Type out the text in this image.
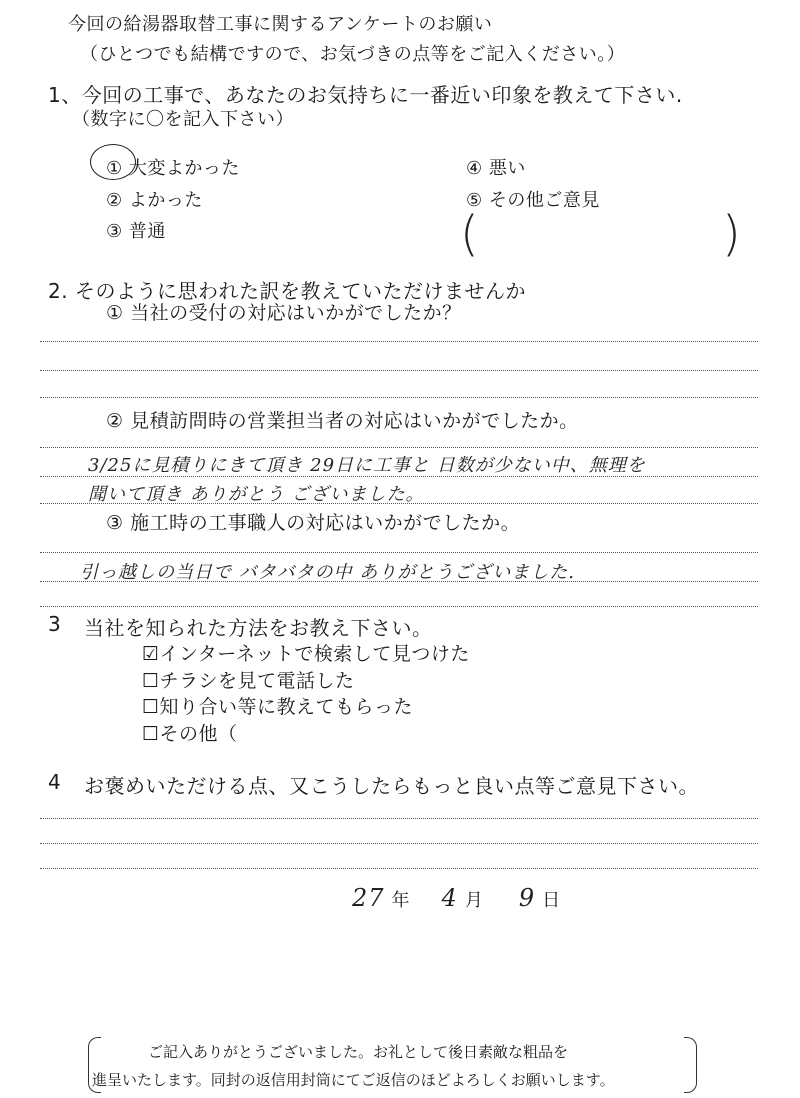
今回の給湯器取替工事に関するアンケートのお願い
（ひとつでも結構ですので、お気づきの点等をご記入ください。）
1、今回の工事で、あなたのお気持ちに一番近い印象を教えて下さい.
（数字に〇を記入下さい）
① 大変よかった
② よかった
③ 普通
④ 悪い
⑤ その他ご意見
(	)
2. そのように思われた訳を教えていただけませんか
① 当社の受付の対応はいかがでしたか？
② 見積訪問時の営業担当者の対応はいかがでしたか。
3/25に見積りにきて頂き 29日に工事と 日数が少ない中、無理を
聞いて頂き ありがとう ございました。
③ 施工時の工事職人の対応はいかがでしたか。
引っ越しの当日で バタバタの中 ありがとうございました.
3 当社を知られた方法をお教え下さい。
☑インターネットで検索して見つけた
☐チラシを見て電話した
☐知り合い等に教えてもらった
☐その他（
4 お褒めいただける点、又こうしたらもっと良い点等ご意見下さい。
27 年 4 月 9 日
ご記入ありがとうございました。お礼として後日素敵な粗品を
進呈いたします。同封の返信用封筒にてご返信のほどよろしくお願いします。
